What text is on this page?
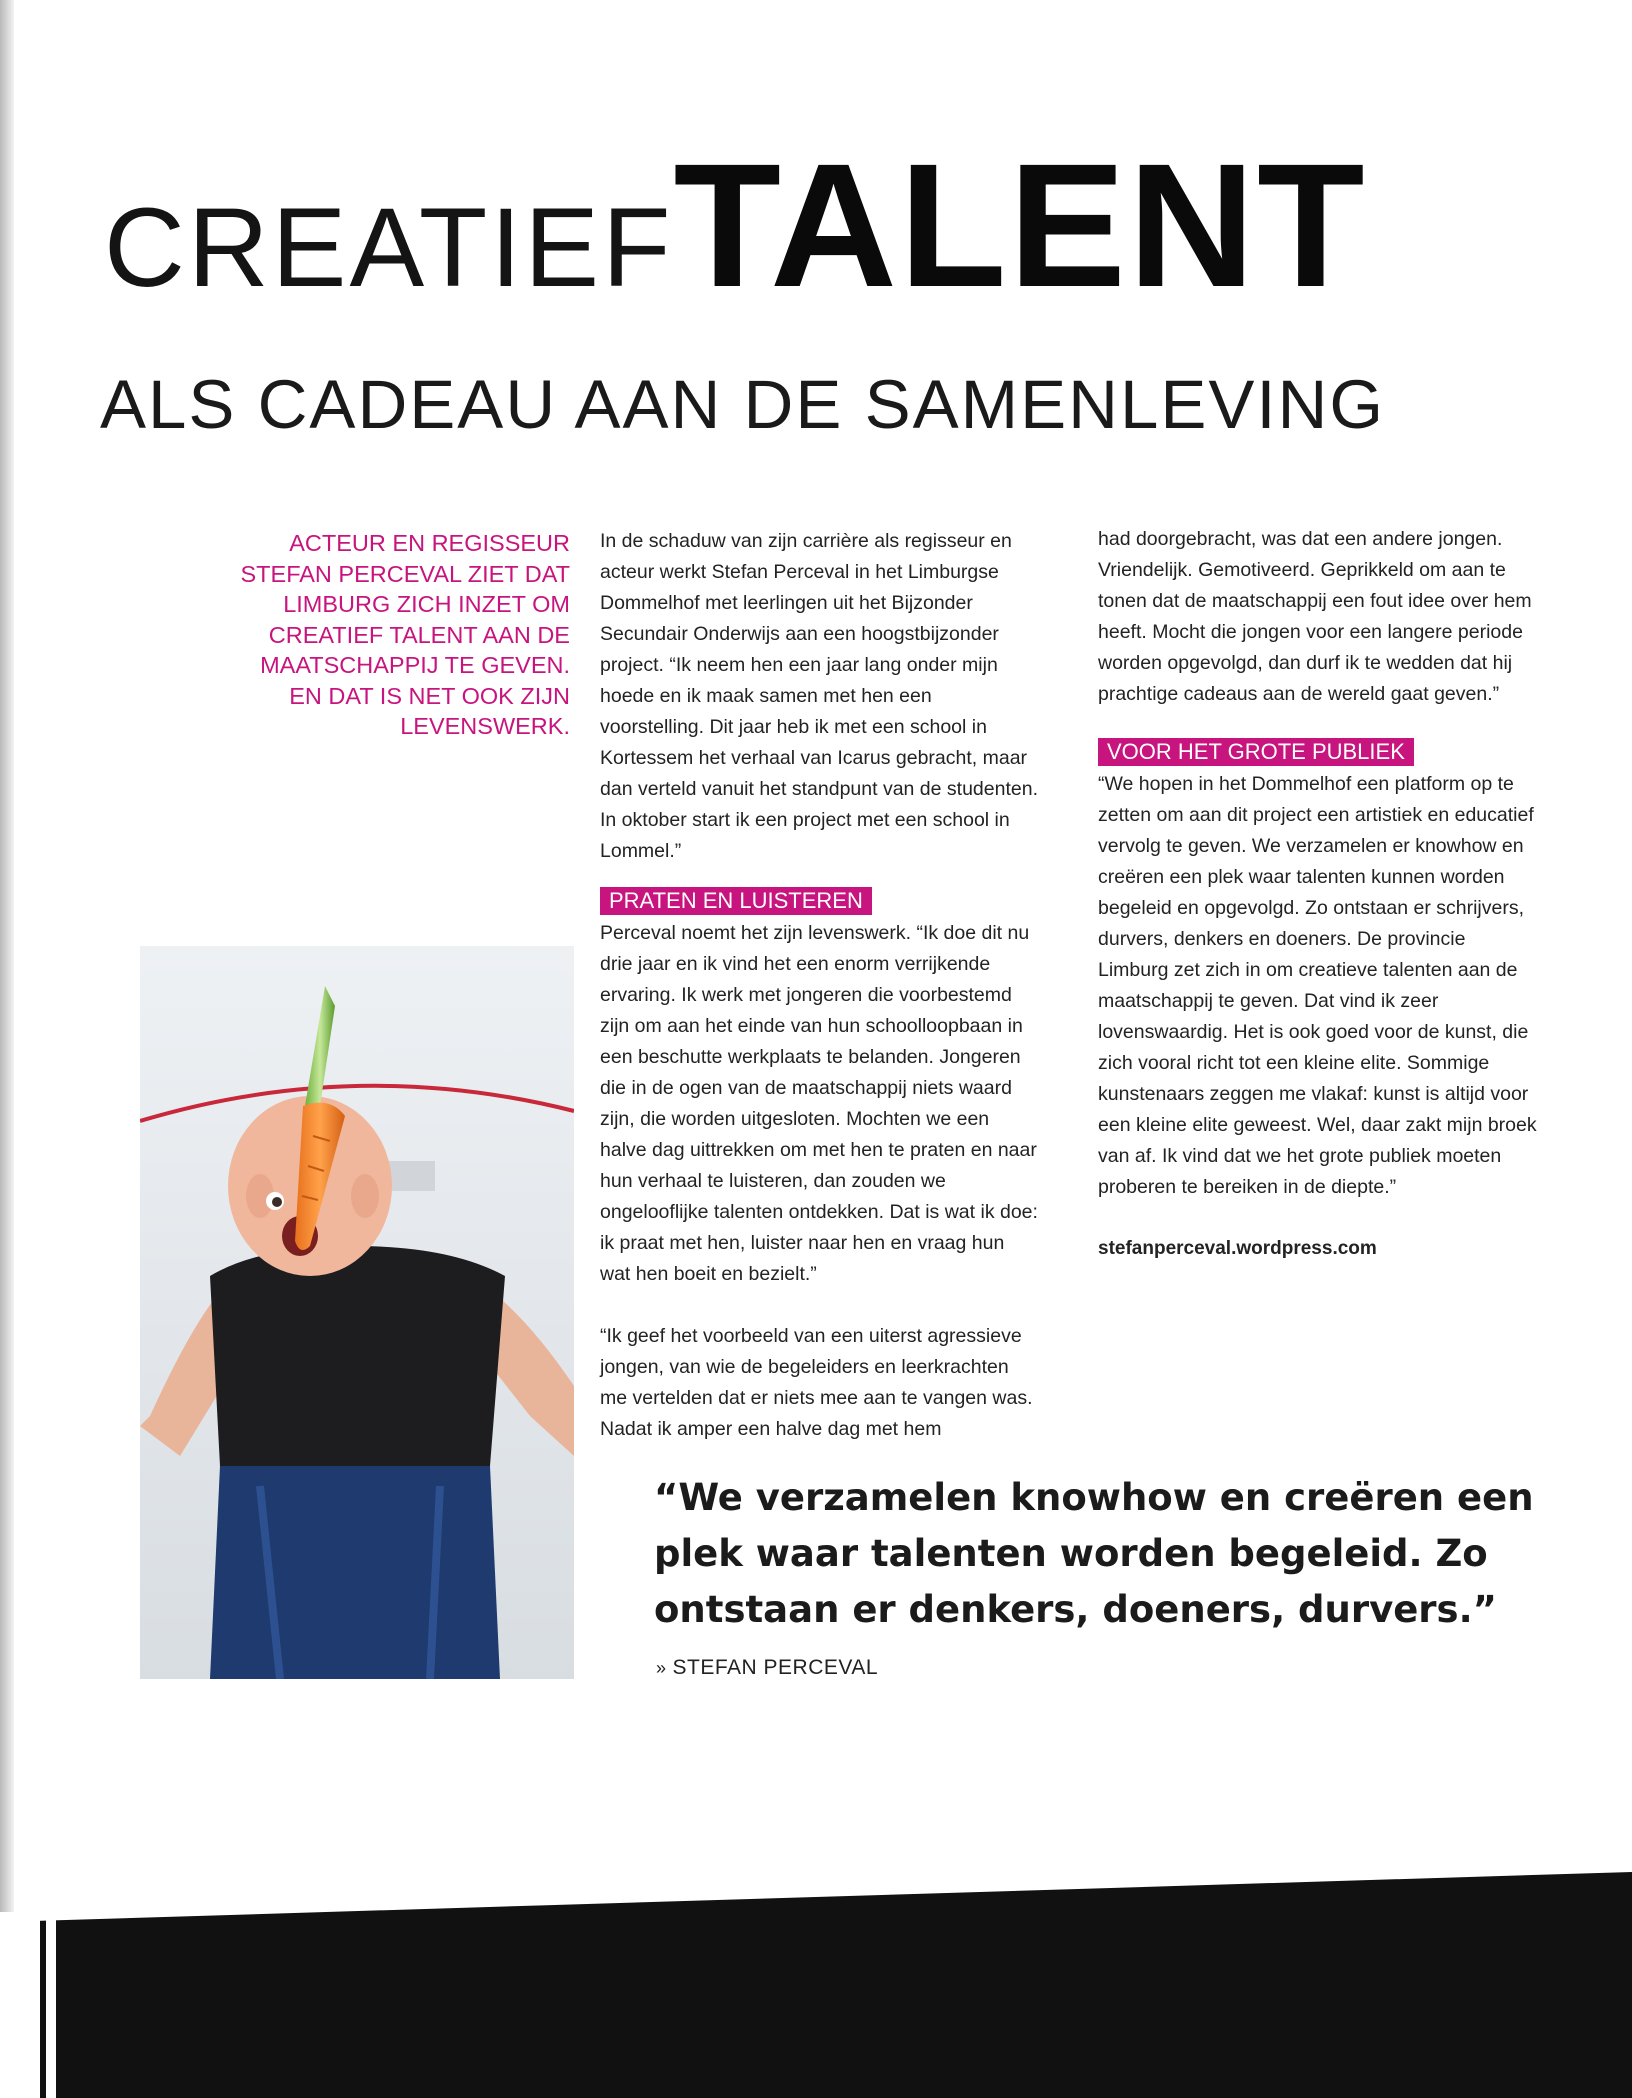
CREATIEFTALENT
ALS CADEAU AAN DE SAMENLEVING
ACTEUR EN REGISSEUR
STEFAN PERCEVAL ZIET DAT
LIMBURG ZICH INZET OM
CREATIEF TALENT AAN DE
MAATSCHAPPIJ TE GEVEN.
EN DAT IS NET OOK ZIJN
LEVENSWERK.

In de schaduw van zijn carrière als regisseur en acteur werkt Stefan Perceval in het Limburgse Dommelhof met leerlingen uit het Bijzonder Secundair Onderwijs aan een hoogstbijzonder project. “Ik neem hen een jaar lang onder mijn hoede en ik maak samen met hen een voorstelling. Dit jaar heb ik met een school in Kortessem het verhaal van Icarus gebracht, maar dan verteld vanuit het standpunt van de studenten. In oktober start ik een project met een school in Lommel.”

PRATEN EN LUISTEREN

Perceval noemt het zijn levenswerk. “Ik doe dit nu drie jaar en ik vind het een enorm verrijkende ervaring. Ik werk met jongeren die voorbestemd zijn om aan het einde van hun schoolloopbaan in een beschutte werkplaats te belanden. Jongeren die in de ogen van de maatschappij niets waard zijn, die worden uitgesloten. Mochten we een halve dag uittrekken om met hen te praten en naar hun verhaal te luisteren, dan zouden we ongelooflijke talenten ontdekken. Dat is wat ik doe: ik praat met hen, luister naar hen en vraag hun wat hen boeit en bezielt.”

“Ik geef het voorbeeld van een uiterst agressieve jongen, van wie de begeleiders en leerkrachten me vertelden dat er niets mee aan te vangen was. Nadat ik amper een halve dag met hem

had doorgebracht, was dat een andere jongen. Vriendelijk. Gemotiveerd. Geprikkeld om aan te tonen dat de maatschappij een fout idee over hem heeft. Mocht die jongen voor een langere periode worden opgevolgd, dan durf ik te wedden dat hij prachtige cadeaus aan de wereld gaat geven.”

VOOR HET GROTE PUBLIEK

“We hopen in het Dommelhof een platform op te zetten om aan dit project een artistiek en educatief vervolg te geven. We verzamelen er knowhow en creëren een plek waar talenten kunnen worden begeleid en opgevolgd. Zo ontstaan er schrijvers, durvers, denkers en doeners. De provincie Limburg zet zich in om creatieve talenten aan de maatschappij te geven. Dat vind ik zeer lovenswaardig. Het is ook goed voor de kunst, die zich vooral richt tot een kleine elite. Sommige kunstenaars zeggen me vlakaf: kunst is altijd voor een kleine elite geweest. Wel, daar zakt mijn broek van af. Ik vind dat we het grote publiek moeten proberen te bereiken in de diepte.”

stefanperceval.wordpress.com

“We verzamelen knowhow en creëren een plek waar talenten worden begeleid. Zo ontstaan er denkers, doeners, durvers.”

» STEFAN PERCEVAL
